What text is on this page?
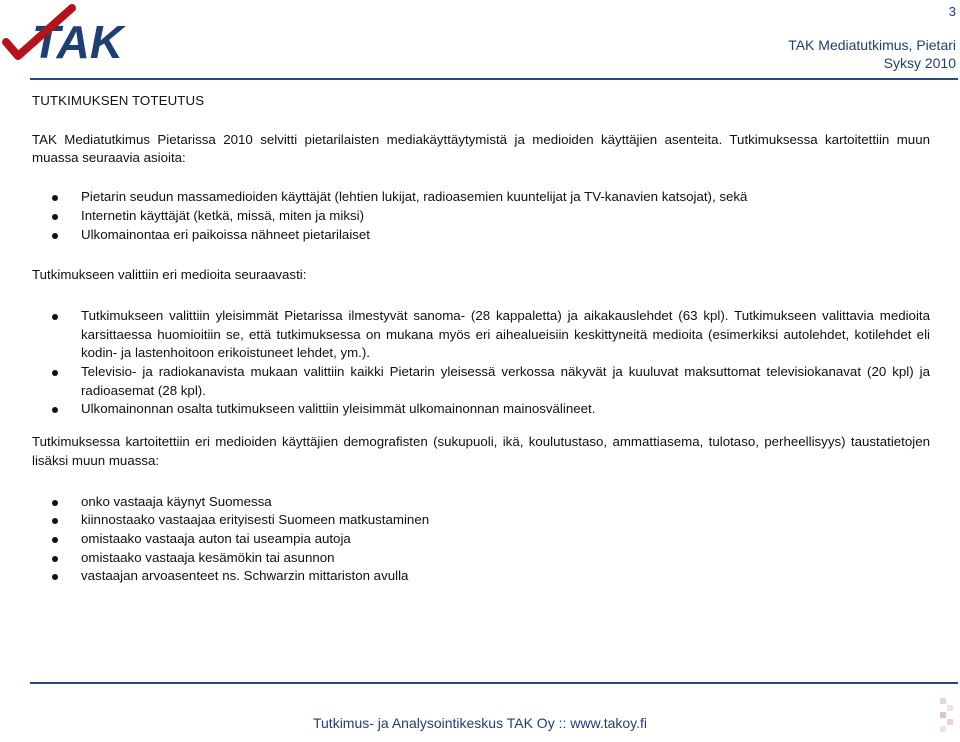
3
TAK	TAK Mediatutkimus, Pietari
Syksy 2010
TUTKIMUKSEN TOTEUTUS

TAK Mediatutkimus Pietarissa 2010 selvitti pietarilaisten mediakäyttäytymistä ja medioiden käyttäjien asenteita. Tutkimuksessa kartoitettiin muun muassa seuraavia asioita:

Pietarin seudun massamedioiden käyttäjät (lehtien lukijat, radioasemien kuuntelijat ja TV-kanavien katsojat), sekä
Internetin käyttäjät (ketkä, missä, miten ja miksi)
Ulkomainontaa eri paikoissa nähneet pietarilaiset

Tutkimukseen valittiin eri medioita seuraavasti:

Tutkimukseen valittiin yleisimmät Pietarissa ilmestyvät sanoma- (28 kappaletta) ja aikakauslehdet (63 kpl). Tutkimukseen valittavia medioita karsittaessa huomioitiin se, että tutkimuksessa on mukana myös eri aihealueisiin keskittyneitä medioita (esimerkiksi autolehdet, kotilehdet eli kodin- ja lastenhoitoon erikoistuneet lehdet, ym.).
Televisio- ja radiokanavista mukaan valittiin kaikki Pietarin yleisessä verkossa näkyvät ja kuuluvat maksuttomat televisiokanavat (20 kpl) ja radioasemat (28 kpl).
Ulkomainonnan osalta tutkimukseen valittiin yleisimmät ulkomainonnan mainosvälineet.

Tutkimuksessa kartoitettiin eri medioiden käyttäjien demografisten (sukupuoli, ikä, koulutustaso, ammattiasema, tulotaso, perheellisyys) taustatietojen lisäksi muun muassa:

onko vastaaja käynyt Suomessa
kiinnostaako vastaajaa erityisesti Suomeen matkustaminen
omistaako vastaaja auton tai useampia autoja
omistaako vastaaja kesämökin tai asunnon
vastaajan arvoasenteet ns. Schwarzin mittariston avulla
Tutkimus- ja Analysointikeskus TAK Oy :: www.takoy.fi
